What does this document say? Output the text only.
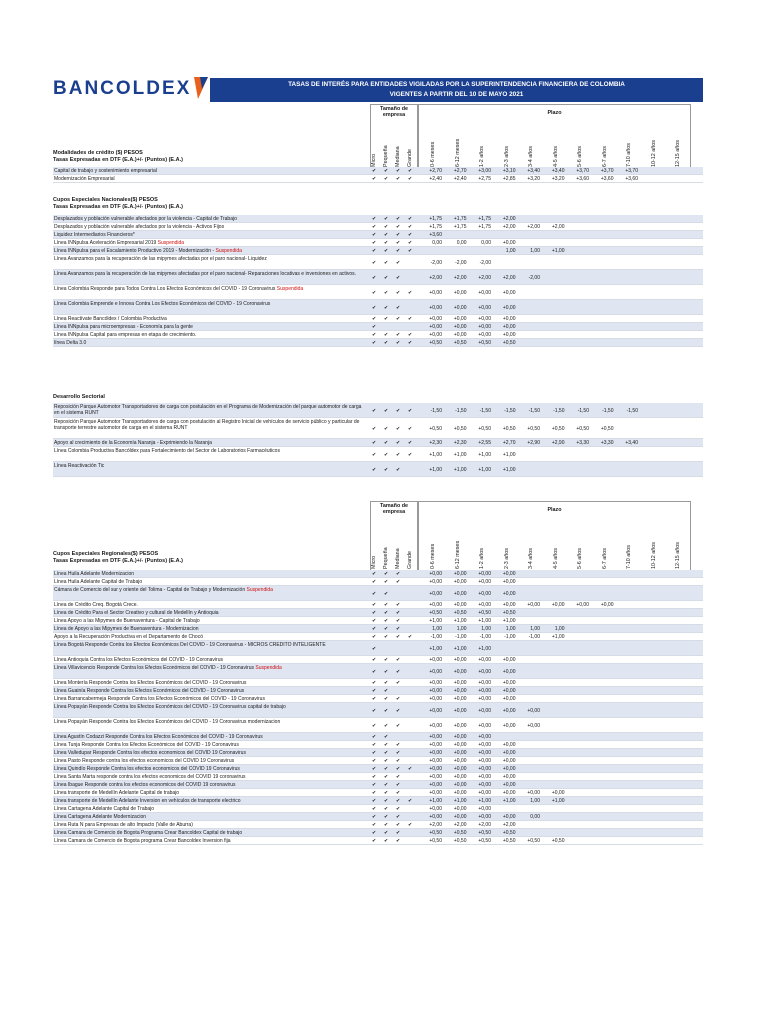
BANCOLDEX	TASAS DE INTERÉS PARA ENTIDADES VIGILADAS POR LA SUPERINTENDENCIA FINANCIERA DE COLOMBIA
VIGENTES A PARTIR DEL 10 DE MAYO 2021
Tamaño de empresa	Plazo
Micro Pequeña Mediana Grande	0-6 meses	6-12 meses	1-2 años	2-3 años	3-4 años	4-5 años	5-6 años	6-7 años	7-10 años	10-12 años	12-15 años
Modalidades de crédito ($) PESOS
Tasas Expresadas en DTF (E.A.)+/- (Puntos) (E.A.)
Capital de trabajo y sostenimiento empresarial	✔ ✔ ✔ ✔	+2,70	+2,70	+3,00	+3,10	+3,40	+3,40	+3,70	+3,70	+3,70
Modernización Empresarial	✔ ✔ ✔ ✔	+2,40	+2,40	+2,75	+2,85	+3,20	+3,20	+3,60	+3,60	+3,60
Cupos Especiales Nacionales($) PESOS
Tasas Expresadas en DTF (E.A.)+/- (Puntos) (E.A.)
Desplazados y población vulnerable afectados por la violencia - Capital de Trabajo	✔ ✔ ✔ ✔	+1,75	+1,75	+1,75	+2,00
Desplazados y población vulnerable afectados por la violencia - Activos Fijos	✔ ✔ ✔ ✔	+1,75	+1,75	+1,75	+2,00	+2,00	+2,00
Liquidez Intermediarios Financieros*	✔ ✔ ✔ ✔	+3,60
Línea INNpulsa Aceleración Empresarial 2019 Suspendida	✔ ✔ ✔ ✔	0,00	0,00	0,00	+0,00
Línea INNpulsa para el Escalamiento Productivo 2019 - Modernización - Suspendida	✔ ✔ ✔ ✔	1,00	1,00	+1,00
Línea Avanzamos para la recuperación de las mipymes afectadas por el paro nacional- Liquidez
✔ ✔ ✔	-2,00	-2,00	-2,00
Línea Avanzamos para la recuperación de las mipymes afectadas por el paro nacional- Reparaciones locativas e inversiones en activos.
✔ ✔ ✔	+2,00	+2,00	+2,00	+2,00	-2,00
Línea Colombia Responde para Todos Contra Los Efectos Económicos del COVID - 19 Coronavirus Suspendida
✔ ✔ ✔ ✔	+0,00	+0,00	+0,00	+0,00
Línea Colombia Emprende e Innova Contra Los Efectos Económicos del COVID - 19 Coronavirus
✔ ✔ ✔	+0,00	+0,00	+0,00	+0,00
Línea Reactívate Bancóldex / Colombia Productiva	✔ ✔ ✔ ✔	+0,00	+0,00	+0,00	+0,00
Línea INNpulsa para microempresas - Economía para la gente	✔	+0,00	+0,00	+0,00	+0,00
Línea INNpulsa Capital para empresas en etapa de crecimiento.	✔ ✔ ✔ ✔	+0,00	+0,00	+0,00	+0,00
línea Delta 3.0	✔ ✔ ✔ ✔	+0,50	+0,50	+0,50	+0,50
Desarrollo Sectorial
Reposición Parque Automotor Transportadores de carga con postulación en el Programa de Modernización del parque automotor de carga en el sistema RUNT	✔ ✔ ✔ ✔	-1,50	-1,50	-1,50	-1,50	-1,50	-1,50	-1,50	-1,50	-1,50
Reposición Parque Automotor Transportadores de carga con postulación al Registro Inicial de vehículos de servicio público y particular de transporte terrestre automotor de carga en el sistema RUNT	✔ ✔ ✔ ✔	+0,50	+0,50	+0,50	+0,50	+0,50	+0,50	+0,50	+0,50
Apoyo al crecimiento de la Economía Naranja - Exprimiendo la Naranja	✔ ✔ ✔ ✔	+2,30	+2,30	+2,55	+2,70	+2,90	+2,90	+3,30	+3,30	+3,40
Línea Colombia Productiva Bancóldex para Fortalecimiento del Sector de Laboratorios Farmacéuticos
✔ ✔ ✔ ✔	+1,00	+1,00	+1,00	+1,00
Línea Reactivación Tic
✔ ✔ ✔	+1,00	+1,00	+1,00	+1,00
Tamaño de empresa	Plazo
Micro Pequeña Mediana Grande	0-6 meses	6-12 meses	1-2 años	2-3 años	3-4 años	4-5 años	5-6 años	6-7 años	7-10 años	10-12 años	12-15 años
Cupos Especiales Regionales($) PESOS
Tasas Expresadas en DTF (E.A.)+/- (Puntos) (E.A.)
Línea Huila Adelante Modernizacion	✔ ✔ ✔	+0,00	+0,00	+0,00	+0,00
Línea Huila Adelante Capital de Trabajo	✔ ✔ ✔	+0,00	+0,00	+0,00	+0,00
Cámara de Comercio del sur y oriente del Tolima - Capital de Trabajo y Modernización Suspendida
✔ ✔	+0,00	+0,00	+0,00	+0,00
Línea de Crédito Creq. Bogotá Crece.	✔ ✔ ✔	+0,00	+0,00	+0,00	+0,00	+0,00	+0,00	+0,00	+0,00
Línea de Crédito Para el Sector Creativo y cultural de Medellín y Antioquia	✔ ✔ ✔	+0,50	+0,50	+0,50	+0,50
Línea Apoyo a las Mipymes de Buenaventura - Capital de Trabajo	✔ ✔ ✔	+1,00	+1,00	+1,00	+1,00
Línea de Apoyo a las Mipymes de Buenaventura - Modernizacion	✔ ✔ ✔	1,00	1,00	1,00	1,00	1,00	1,00
Apoyo a la Recuperación Productiva en el Departamento de Chocó	✔ ✔ ✔ ✔	-1,00	-1,00	-1,00	-1,00	-1,00	+1,00
Línea Bogotá Responde Contra los Efectos Económicos Del COVID - 19 Coronavirus - MICROS CREDITO INTELIGENTE
✔	+1,00	+1,00	+1,00
Línea Antioquia Contra los Efectos Económicos del COVID - 19 Coronavirus	✔ ✔ ✔	+0,00	+0,00	+0,00	+0,00
Línea Villavicencio Responde Contra los Efectos Económicos del COVID - 19 Coronavirus Suspendida
✔ ✔ ✔	+0,00	+0,00	+0,00	+0,00
Línea Montería Responde Contra los Efectos Económicos del COVID - 19 Coronavirus	✔ ✔ ✔	+0,00	+0,00	+0,00	+0,00
Línea Guainía Responde Contra los Efectos Económicos del COVID - 19 Coronavirus	✔ ✔	+0,00	+0,00	+0,00	+0,00
Línea Barrancabermeja Responde Contra los Efectos Económicos del COVID - 19 Coronavirus	✔ ✔ ✔	+0,00	+0,00	+0,00	+0,00
Línea Popayán Responde Contra los Efectos Económicos del COVID - 19 Coronavirus capital de trabajo
✔ ✔ ✔	+0,00	+0,00	+0,00	+0,00	+0,00
Línea Popayán Responde Contra los Efectos Económicos del COVID - 19 Coronavirus modernizacion
✔ ✔ ✔	+0,00	+0,00	+0,00	+0,00	+0,00
Línea Agustín Codazzi Responde Contra los Efectos Económicos del COVID - 19 Coronavirus	✔ ✔	+0,00	+0,00	+0,00
Línea Tunja Responde Contra los Efectos Económicos del COVID - 19 Coronavirus	✔ ✔ ✔	+0,00	+0,00	+0,00	+0,00
Línea Valledupar Responde Contra los efectos economicos del COVID 19 Coronavirus	✔ ✔ ✔	+0,00	+0,00	+0,00	+0,00
Línea Pasto Responde contra los efectos economicos del COVID 19 Coronavirus	✔ ✔ ✔	+0,00	+0,00	+0,00	+0,00
Línea Quindío Responde Contra los efectos economicos del COVID 19 Coronavirus	✔ ✔ ✔ ✔	+0,00	+0,00	+0,00	+0,00
Línea Santa Marta responde contra los efectos economicos del COVID 19 coronavirus	✔ ✔ ✔	+0,00	+0,00	+0,00	+0,00
Línea Ibague Responde contra los efectos economicos del COVID 19 coronavirus	✔ ✔ ✔	+0,00	+0,00	+0,00	+0,00
Línea transporte de Medellín Adelante Capital de trabajo	✔ ✔ ✔	+0,00	+0,00	+0,00	+0,00	+0,00	+0,00
Línea transporte de Medellín Adelante Inversion en vehículos de transporte electrico	✔ ✔ ✔ ✔	+1,00	+1,00	+1,00	+1,00	1,00	+1,00
Línea Cartagena Adelante Capital de Trabajo	✔ ✔ ✔	+0,00	+0,00	+0,00
Línea Cartagena Adelante Modernizacion	✔ ✔ ✔	+0,00	+0,00	+0,00	+0,00	0,00
Línea Ruta N para Empresas de alto Impacto (Valle de Aburra)	✔ ✔ ✔ ✔	+2,00	+2,00	+2,00	+2,00
Línea Camara de Comercio de Bogota Programa Crear Bancoldex Capital de trabajo	✔ ✔ ✔	+0,50	+0,50	+0,50	+0,50
Línea Camara de Comercio de Bogota programa Crear Bancoldex Inversion fija	✔ ✔ ✔	+0,50	+0,50	+0,50	+0,50	+0,50	+0,50
